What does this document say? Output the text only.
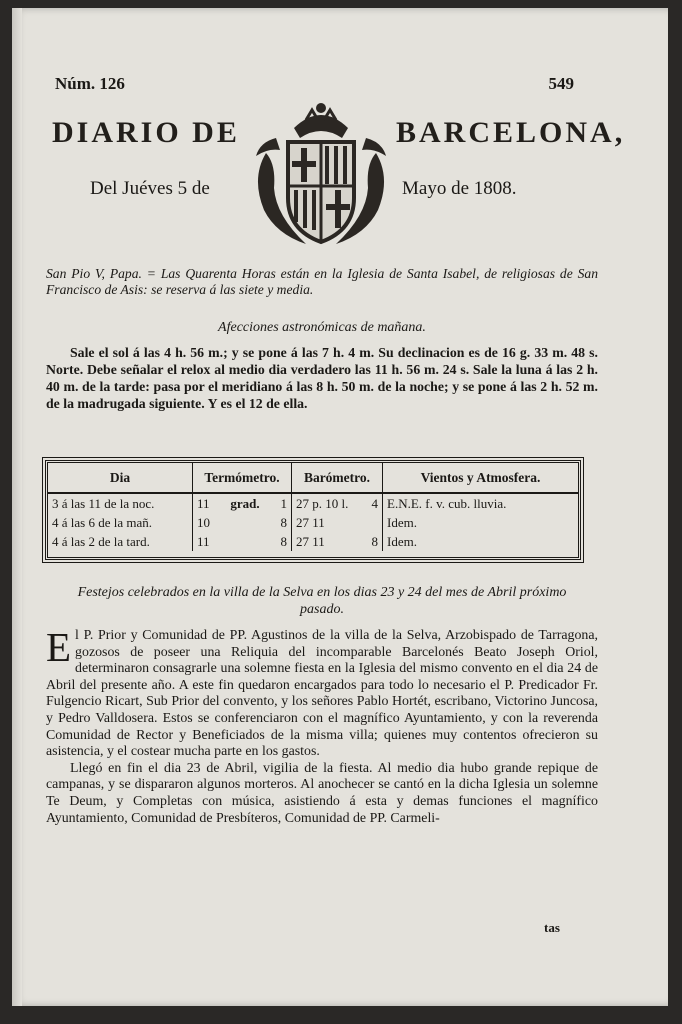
Núm. 126	549
DIARIO DE	BARCELONA,
Del Juéves 5 de	Mayo de 1808.

San Pio V, Papa. = Las Quarenta Horas están en la Iglesia de Santa Isabel, de religiosas de San Francisco de Asis: se reserva á las siete y media.

Afecciones astronómicas de mañana.

Sale el sol á las 4 h. 56 m.; y se pone á las 7 h. 4 m. Su declinacion es de 16 g. 33 m. 48 s. Norte. Debe señalar el relox al medio dia verdadero las 11 h. 56 m. 24 s. Sale la luna á las 2 h. 40 m. de la tarde: pasa por el meridiano á las 8 h. 50 m. de la noche; y se pone á las 2 h. 52 m. de la madrugada siguiente. Y es el 12 de ella.

Dia	Termómetro.	Barómetro.	Vientos y Atmosfera.
3 á las 11 de la noc.	11 grad. 1	27 p. 10 l. 4	E.N.E. f. v. cub. lluvia.
4 á las 6 de la mañ.	10 8	27 11	Idem.
4 á las 2 de la tard.	11 8	27 11 8	Idem.
Festejos celebrados en la villa de la Selva en los dias 23 y 24 del mes de Abril próximo pasado.

El P. Prior y Comunidad de PP. Agustinos de la villa de la Selva, Arzobispado de Tarragona, gozosos de poseer una Reliquia del incomparable Barcelonés Beato Joseph Oriol, determinaron consagrarle una solemne fiesta en la Iglesia del mismo convento en el dia 24 de Abril del presente año. A este fin quedaron encargados para todo lo necesario el P. Predicador Fr. Fulgencio Ricart, Sub Prior del convento, y los señores Pablo Hortét, escribano, Victorino Juncosa, y Pedro Valldosera. Estos se conferenciaron con el magnífico Ayuntamiento, y con la reverenda Comunidad de Rector y Beneficiados de la misma villa; quienes muy contentos ofrecieron su asistencia, y el costear mucha parte en los gastos.

Llegó en fin el dia 23 de Abril, vigilia de la fiesta. Al medio dia hubo grande repique de campanas, y se dispararon algunos morteros. Al anochecer se cantó en la dicha Iglesia un solemne Te Deum, y Completas con música, asistiendo á esta y demas funciones el magnífico Ayuntamiento, Comunidad de Presbíteros, Comunidad de PP. Carmeli-

tas
